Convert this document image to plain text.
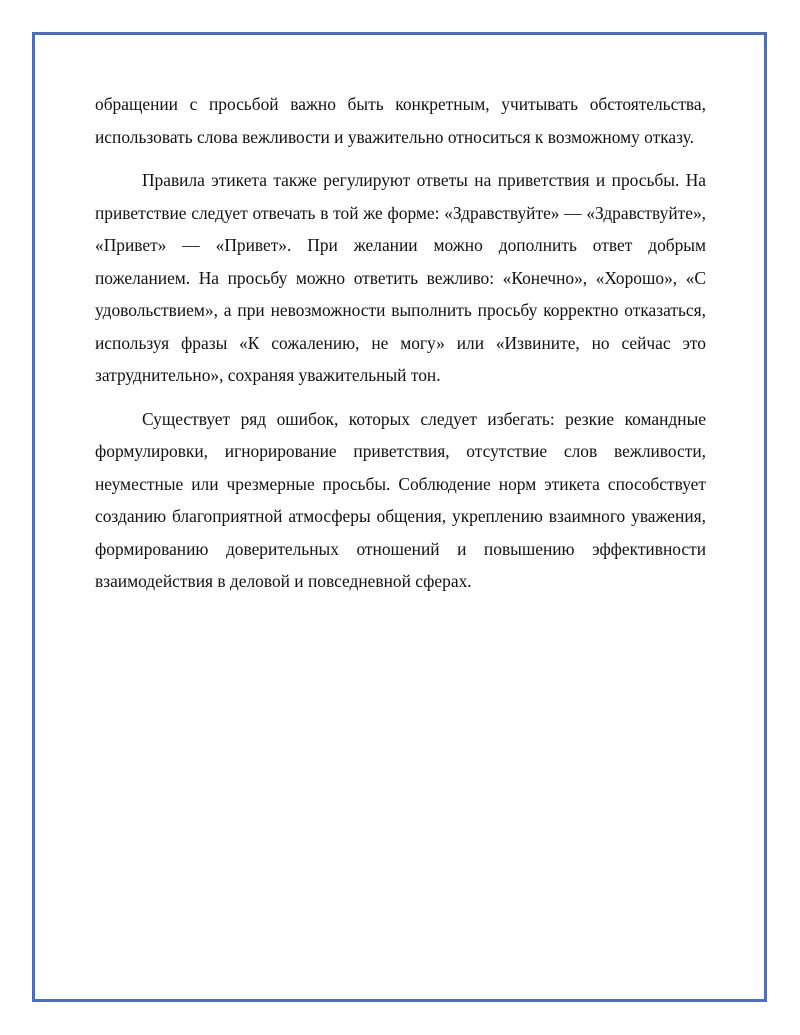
обращении с просьбой важно быть конкретным, учитывать обстоятельства, использовать слова вежливости и уважительно относиться к возможному отказу.

Правила этикета также регулируют ответы на приветствия и просьбы. На приветствие следует отвечать в той же форме: «Здравствуйте» — «Здравствуйте», «Привет» — «Привет». При желании можно дополнить ответ добрым пожеланием. На просьбу можно ответить вежливо: «Конечно», «Хорошо», «С удовольствием», а при невозможности выполнить просьбу корректно отказаться, используя фразы «К сожалению, не могу» или «Извините, но сейчас это затруднительно», сохраняя уважительный тон.

Существует ряд ошибок, которых следует избегать: резкие командные формулировки, игнорирование приветствия, отсутствие слов вежливости, неуместные или чрезмерные просьбы. Соблюдение норм этикета способствует созданию благоприятной атмосферы общения, укреплению взаимного уважения, формированию доверительных отношений и повышению эффективности взаимодействия в деловой и повседневной сферах.
